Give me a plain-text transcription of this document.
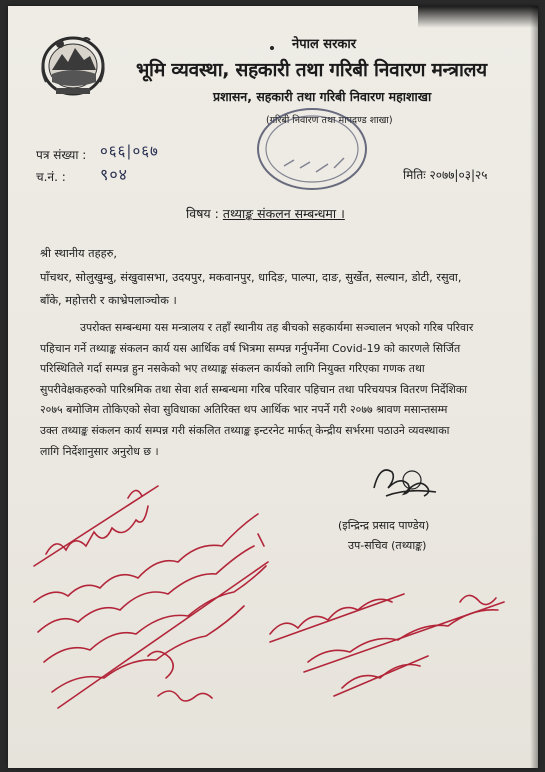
नेपाल सरकार
भूमि व्यवस्था, सहकारी तथा गरिबी निवारण मन्त्रालय
प्रशासन, सहकारी तथा गरिबी निवारण महाशाखा
(गरिबी निवारण तथा मापदण्ड शाखा)
पत्र संख्या : ०६६|०६७
च.नं. : ९०४	मितिः २०७७|०३|२५
विषय : तथ्याङ्क संकलन सम्बन्धमा ।
श्री स्थानीय तहहरु,
पाँचथर, सोलुखुम्बु, संखुवासभा, उदयपुर, मकवानपुर, धादिङ, पाल्पा, दाङ, सुर्खेत, सल्यान, डोटी, रसुवा,
बाँके, महोत्तरी र काभ्रेपलाञ्चोक ।
उपरोक्त सम्बन्धमा यस मन्त्रालय र तहाँ स्थानीय तह बीचको सहकार्यमा सञ्चालन भएको गरिब परिवार
पहिचान गर्ने तथ्याङ्क संकलन कार्य यस आर्थिक वर्ष भित्रमा सम्पन्न गर्नुपर्नेमा Covid-19 को कारणले सिर्जित
परिस्थितिले गर्दा सम्पन्न हुन नसकेको भए तथ्याङ्क संकलन कार्यको लागि नियुक्त गरिएका गणक तथा
सुपरीवेक्षकहरुको पारिश्रमिक तथा सेवा शर्त सम्बन्धमा गरिब परिवार पहिचान तथा परिचयपत्र वितरण निर्देशिका
२०७५ बमोजिम तोकिएको सेवा सुविधाका अतिरिक्त थप आर्थिक भार नपर्ने गरी २०७७ श्रावण मसान्तसम्म
उक्त तथ्याङ्क संकलन कार्य सम्पन्न गरी संकलित तथ्याङ्क इन्टरनेट मार्फत् केन्द्रीय सर्भरमा पठाउने व्यवस्थाका
लागि निर्देशानुसार अनुरोध छ ।
(इन्द्रिन्द्र प्रसाद पाण्डेय)
उप-सचिव (तथ्याङ्क)
